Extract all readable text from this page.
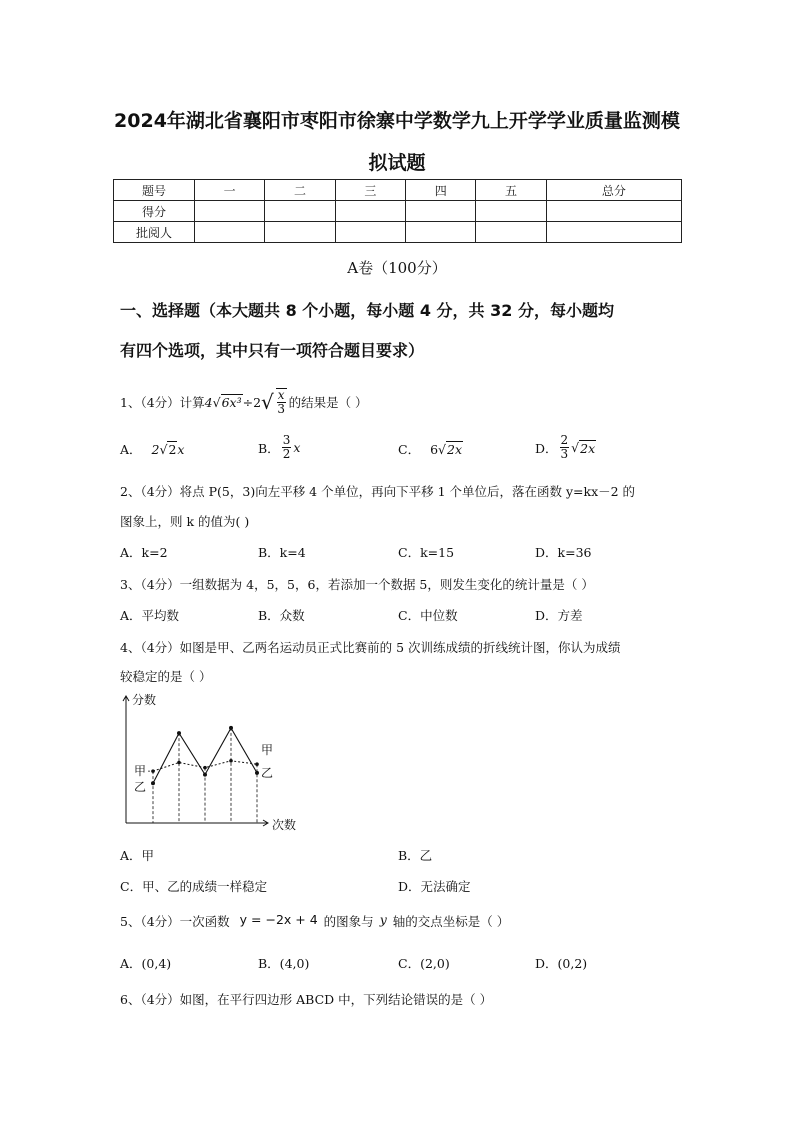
2024年湖北省襄阳市枣阳市徐寨中学数学九上开学学业质量监测模
拟试题
题号	一	二	三	四	五	总分
得分						
批阅人						
A卷（100分）
一、选择题（本大题共 8 个小题，每小题 4 分，共 32 分，每小题均
有四个选项，其中只有一项符合题目要求）
1、（4分）计算 4 √ 6x³ ÷2 √ $\frac{x}{3}$ 的结果是（ ）
A． 2 √ 2 x	B． $\frac{3}{2}$ x	C． 6 √ 2x	D． $\frac{2}{3}$ √ 2x
2、（4分）将点 P(5，3)向左平移 4 个单位，再向下平移 1 个单位后，落在函数 y=kx－2 的
图象上，则 k 的值为( )
A．k=2	B．k=4	C．k=15	D．k=36
3、（4分）一组数据为 4，5，5，6，若添加一个数据 5，则发生变化的统计量是（ ）
A．平均数	B．众数	C．中位数	D．方差
4、（4分）如图是甲、乙两名运动员正式比赛前的 5 次训练成绩的折线统计图，你认为成绩
较稳定的是（ ）
分数
次数
甲
乙
甲
乙
A．甲	B．乙
C．甲、乙的成绩一样稳定	D．无法确定
5、（4分）一次函数 y = −2x + 4 的图象与 y 轴的交点坐标是（ ）
A．(0,4)	B．(4,0)	C．(2,0)	D．(0,2)
6、（4分）如图，在平行四边形 ABCD 中，下列结论错误的是（ ）
